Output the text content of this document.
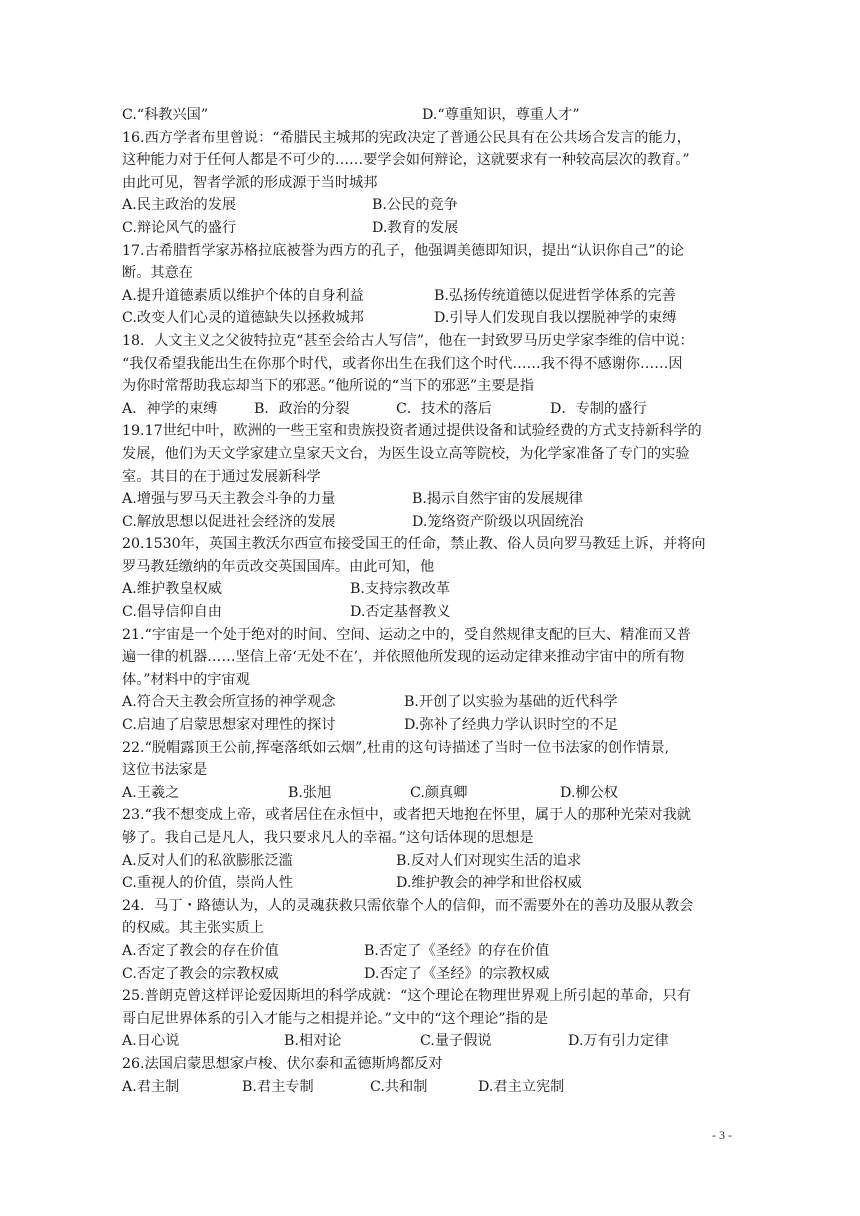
C.“科教兴国”	D.“尊重知识，尊重人才”
16.西方学者布里曾说：“希腊民主城邦的宪政决定了普通公民具有在公共场合发言的能力，
这种能力对于任何人都是不可少的……要学会如何辩论，这就要求有一种较高层次的教育。”
由此可见，智者学派的形成源于当时城邦
A.民主政治的发展	B.公民的竞争
C.辩论风气的盛行	D.教育的发展
17.古希腊哲学家苏格拉底被誉为西方的孔子，他强调美德即知识，提出“认识你自己”的论
断。其意在
A.提升道德素质以维护个体的自身利益	B.弘扬传统道德以促进哲学体系的完善
C.改变人们心灵的道德缺失以拯救城邦	D.引导人们发现自我以摆脱神学的束缚
18．人文主义之父彼特拉克“甚至会给古人写信”，他在一封致罗马历史学家李维的信中说：
“我仅希望我能出生在你那个时代，或者你出生在我们这个时代……我不得不感谢你……因
为你时常帮助我忘却当下的邪恶。”他所说的“当下的邪恶”主要是指
A．神学的束缚	B．政治的分裂	C．技术的落后	D．专制的盛行
19.17世纪中叶，欧洲的一些王室和贵族投资者通过提供设备和试验经费的方式支持新科学的
发展，他们为天文学家建立皇家天文台，为医生设立高等院校，为化学家准备了专门的实验
室。其目的在于通过发展新科学
A.增强与罗马天主教会斗争的力量	B.揭示自然宇宙的发展规律
C.解放思想以促进社会经济的发展	D.笼络资产阶级以巩固统治
20.1530年，英国主教沃尔西宣布接受国王的任命，禁止教、俗人员向罗马教廷上诉，并将向
罗马教廷缴纳的年贡改交英国国库。由此可知，他
A.维护教皇权威	B.支持宗教改革
C.倡导信仰自由	D.否定基督教义
21.“宇宙是一个处于绝对的时间、空间、运动之中的，受自然规律支配的巨大、精准而又普
遍一律的机器……坚信上帝‘无处不在’，并依照他所发现的运动定律来推动宇宙中的所有物
体。”材料中的宇宙观
A.符合天主教会所宣扬的神学观念	B.开创了以实验为基础的近代科学
C.启迪了启蒙思想家对理性的探讨	D.弥补了经典力学认识时空的不足
22.“脱帽露顶王公前,挥毫落纸如云烟”,杜甫的这句诗描述了当时一位书法家的创作情景,
这位书法家是
A.王羲之	B.张旭	C.颜真卿	D.柳公权
23.“我不想变成上帝，或者居住在永恒中，或者把天地抱在怀里，属于人的那种光荣对我就
够了。我自己是凡人，我只要求凡人的幸福。”这句话体现的思想是
A.反对人们的私欲膨胀泛滥	B.反对人们对现实生活的追求
C.重视人的价值，崇尚人性	D.维护教会的神学和世俗权威
24．马丁・路德认为，人的灵魂获救只需依靠个人的信仰，而不需要外在的善功及服从教会
的权威。其主张实质上
A.否定了教会的存在价值	B.否定了《圣经》的存在价值
C.否定了教会的宗教权威	D.否定了《圣经》的宗教权威
25.普朗克曾这样评论爱因斯坦的科学成就：“这个理论在物理世界观上所引起的革命，只有
哥白尼世界体系的引入才能与之相提并论。”文中的“这个理论”指的是
A.日心说	B.相对论	C.量子假说	D.万有引力定律
26.法国启蒙思想家卢梭、伏尔泰和孟德斯鸠都反对
A.君主制	B.君主专制	C.共和制	D.君主立宪制
- 3 -
